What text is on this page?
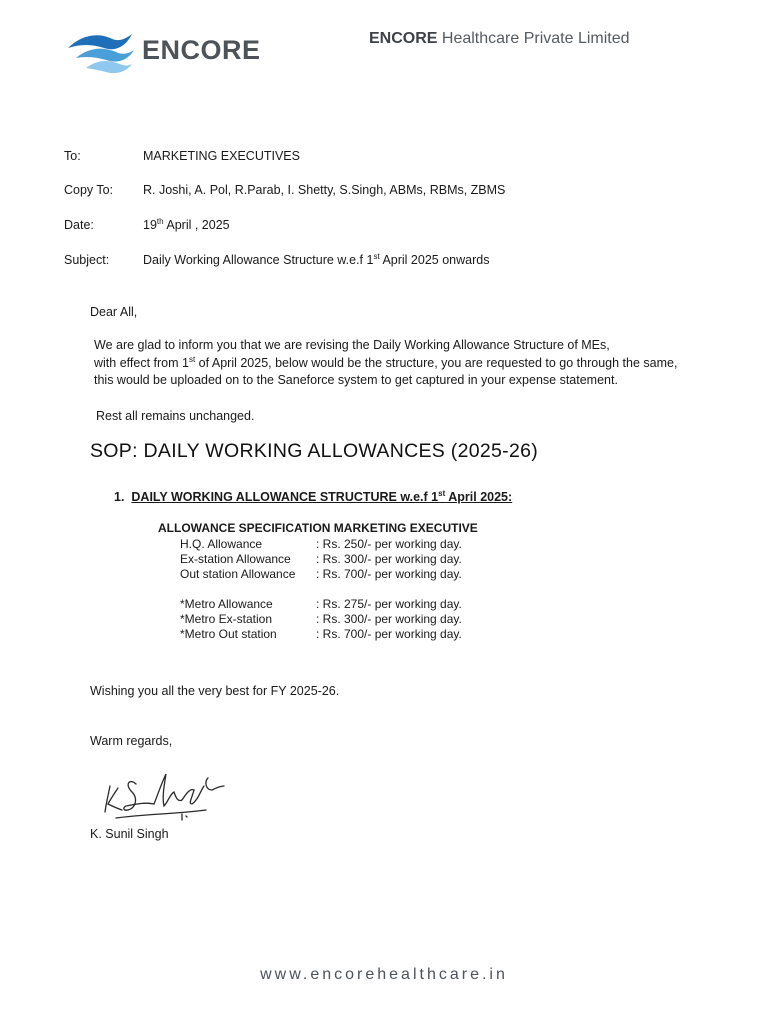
ENCORE	ENCORE Healthcare Private Limited
To:	MARKETING EXECUTIVES
Copy To: R. Joshi, A. Pol, R.Parab, I. Shetty, S.Singh, ABMs, RBMs, ZBMS
Date:	19th April , 2025
Subject:	Daily Working Allowance Structure w.e.f 1st April 2025 onwards
Dear All,
We are glad to inform you that we are revising the Daily Working Allowance Structure of MEs,
with effect from 1st of April 2025, below would be the structure, you are requested to go through the same,
this would be uploaded on to the Saneforce system to get captured in your expense statement.
Rest all remains unchanged.
SOP: DAILY WORKING ALLOWANCES (2025-26)
1. DAILY WORKING ALLOWANCE STRUCTURE w.e.f 1st April 2025:
ALLOWANCE SPECIFICATION MARKETING EXECUTIVE
H.Q. Allowance	: Rs. 250/- per working day.
Ex-station Allowance : Rs. 300/- per working day.
Out station Allowance : Rs. 700/- per working day.
*Metro Allowance	: Rs. 275/- per working day.
*Metro Ex-station	: Rs. 300/- per working day.
*Metro Out station	: Rs. 700/- per working day.
Wishing you all the very best for FY 2025-26.
Warm regards,
K. Sunil Singh
www.encorehealthcare.in
